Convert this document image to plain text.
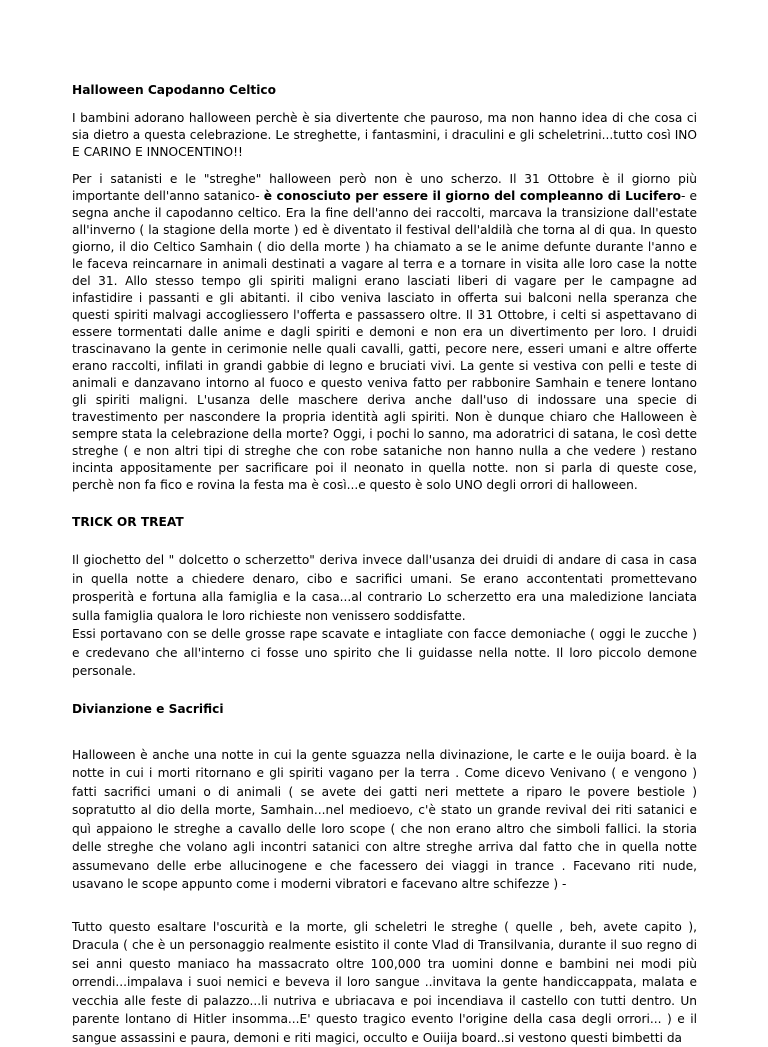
Halloween Capodanno Celtico

I bambini adorano halloween perchè è sia divertente che pauroso, ma non hanno idea di che cosa ci sia dietro a questa celebrazione. Le streghette, i fantasmini, i draculini e gli scheletrini...tutto così INO E CARINO E INNOCENTINO!!

Per i satanisti e le "streghe" halloween però non è uno scherzo. Il 31 Ottobre è il giorno più importante dell'anno satanico- è conosciuto per essere il giorno del compleanno di Lucifero- e segna anche il capodanno celtico. Era la fine dell'anno dei raccolti, marcava la transizione dall'estate all'inverno ( la stagione della morte ) ed è diventato il festival dell'aldilà che torna al di qua. In questo giorno, il dio Celtico Samhain ( dio della morte ) ha chiamato a se le anime defunte durante l'anno e le faceva reincarnare in animali destinati a vagare al terra e a tornare in visita alle loro case la notte del 31. Allo stesso tempo gli spiriti maligni erano lasciati liberi di vagare per le campagne ad infastidire i passanti e gli abitanti. il cibo veniva lasciato in offerta sui balconi nella speranza che questi spiriti malvagi accogliessero l'offerta e passassero oltre. Il 31 Ottobre, i celti si aspettavano di essere tormentati dalle anime e dagli spiriti e demoni e non era un divertimento per loro. I druidi trascinavano la gente in cerimonie nelle quali cavalli, gatti, pecore nere, esseri umani e altre offerte erano raccolti, infilati in grandi gabbie di legno e bruciati vivi. La gente si vestiva con pelli e teste di animali e danzavano intorno al fuoco e questo veniva fatto per rabbonire Samhain e tenere lontano gli spiriti maligni. L'usanza delle maschere deriva anche dall'uso di indossare una specie di travestimento per nascondere la propria identità agli spiriti. Non è dunque chiaro che Halloween è sempre stata la celebrazione della morte? Oggi, i pochi lo sanno, ma adoratrici di satana, le così dette streghe ( e non altri tipi di streghe che con robe sataniche non hanno nulla a che vedere ) restano incinta appositamente per sacrificare poi il neonato in quella notte. non si parla di queste cose, perchè non fa fico e rovina la festa ma è così...e questo è solo UNO degli orrori di halloween.

TRICK OR TREAT

Il giochetto del " dolcetto o scherzetto" deriva invece dall'usanza dei druidi di andare di casa in casa in quella notte a chiedere denaro, cibo e sacrifici umani. Se erano accontentati promettevano prosperità e fortuna alla famiglia e la casa...al contrario Lo scherzetto era una maledizione lanciata sulla famiglia qualora le loro richieste non venissero soddisfatte.

Essi portavano con se delle grosse rape scavate e intagliate con facce demoniache ( oggi le zucche ) e credevano che all'interno ci fosse uno spirito che li guidasse nella notte. Il loro piccolo demone personale.

Divianzione e Sacrifici

Halloween è anche una notte in cui la gente sguazza nella divinazione, le carte e le ouija board. è la notte in cui i morti ritornano e gli spiriti vagano per la terra . Come dicevo Venivano ( e vengono ) fatti sacrifici umani o di animali ( se avete dei gatti neri mettete a riparo le povere bestiole ) sopratutto al dio della morte, Samhain...nel medioevo, c'è stato un grande revival dei riti satanici e quì appaiono le streghe a cavallo delle loro scope ( che non erano altro che simboli fallici. la storia delle streghe che volano agli incontri satanici con altre streghe arriva dal fatto che in quella notte assumevano delle erbe allucinogene e che facessero dei viaggi in trance . Facevano riti nude, usavano le scope appunto come i moderni vibratori e facevano altre schifezze ) -

Tutto questo esaltare l'oscurità e la morte, gli scheletri le streghe ( quelle , beh, avete capito ), Dracula ( che è un personaggio realmente esistito il conte Vlad di Transilvania, durante il suo regno di sei anni questo maniaco ha massacrato oltre 100,000 tra uomini donne e bambini nei modi più orrendi...impalava i suoi nemici e beveva il loro sangue ..invitava la gente handiccappata, malata e vecchia alle feste di palazzo...li nutriva e ubriacava e poi incendiava il castello con tutti dentro. Un parente lontano di Hitler insomma...E' questo tragico evento l'origine della casa degli orrori... ) e il sangue assassini e paura, demoni e riti magici, occulto e Ouiija board..si vestono questi bimbetti da
